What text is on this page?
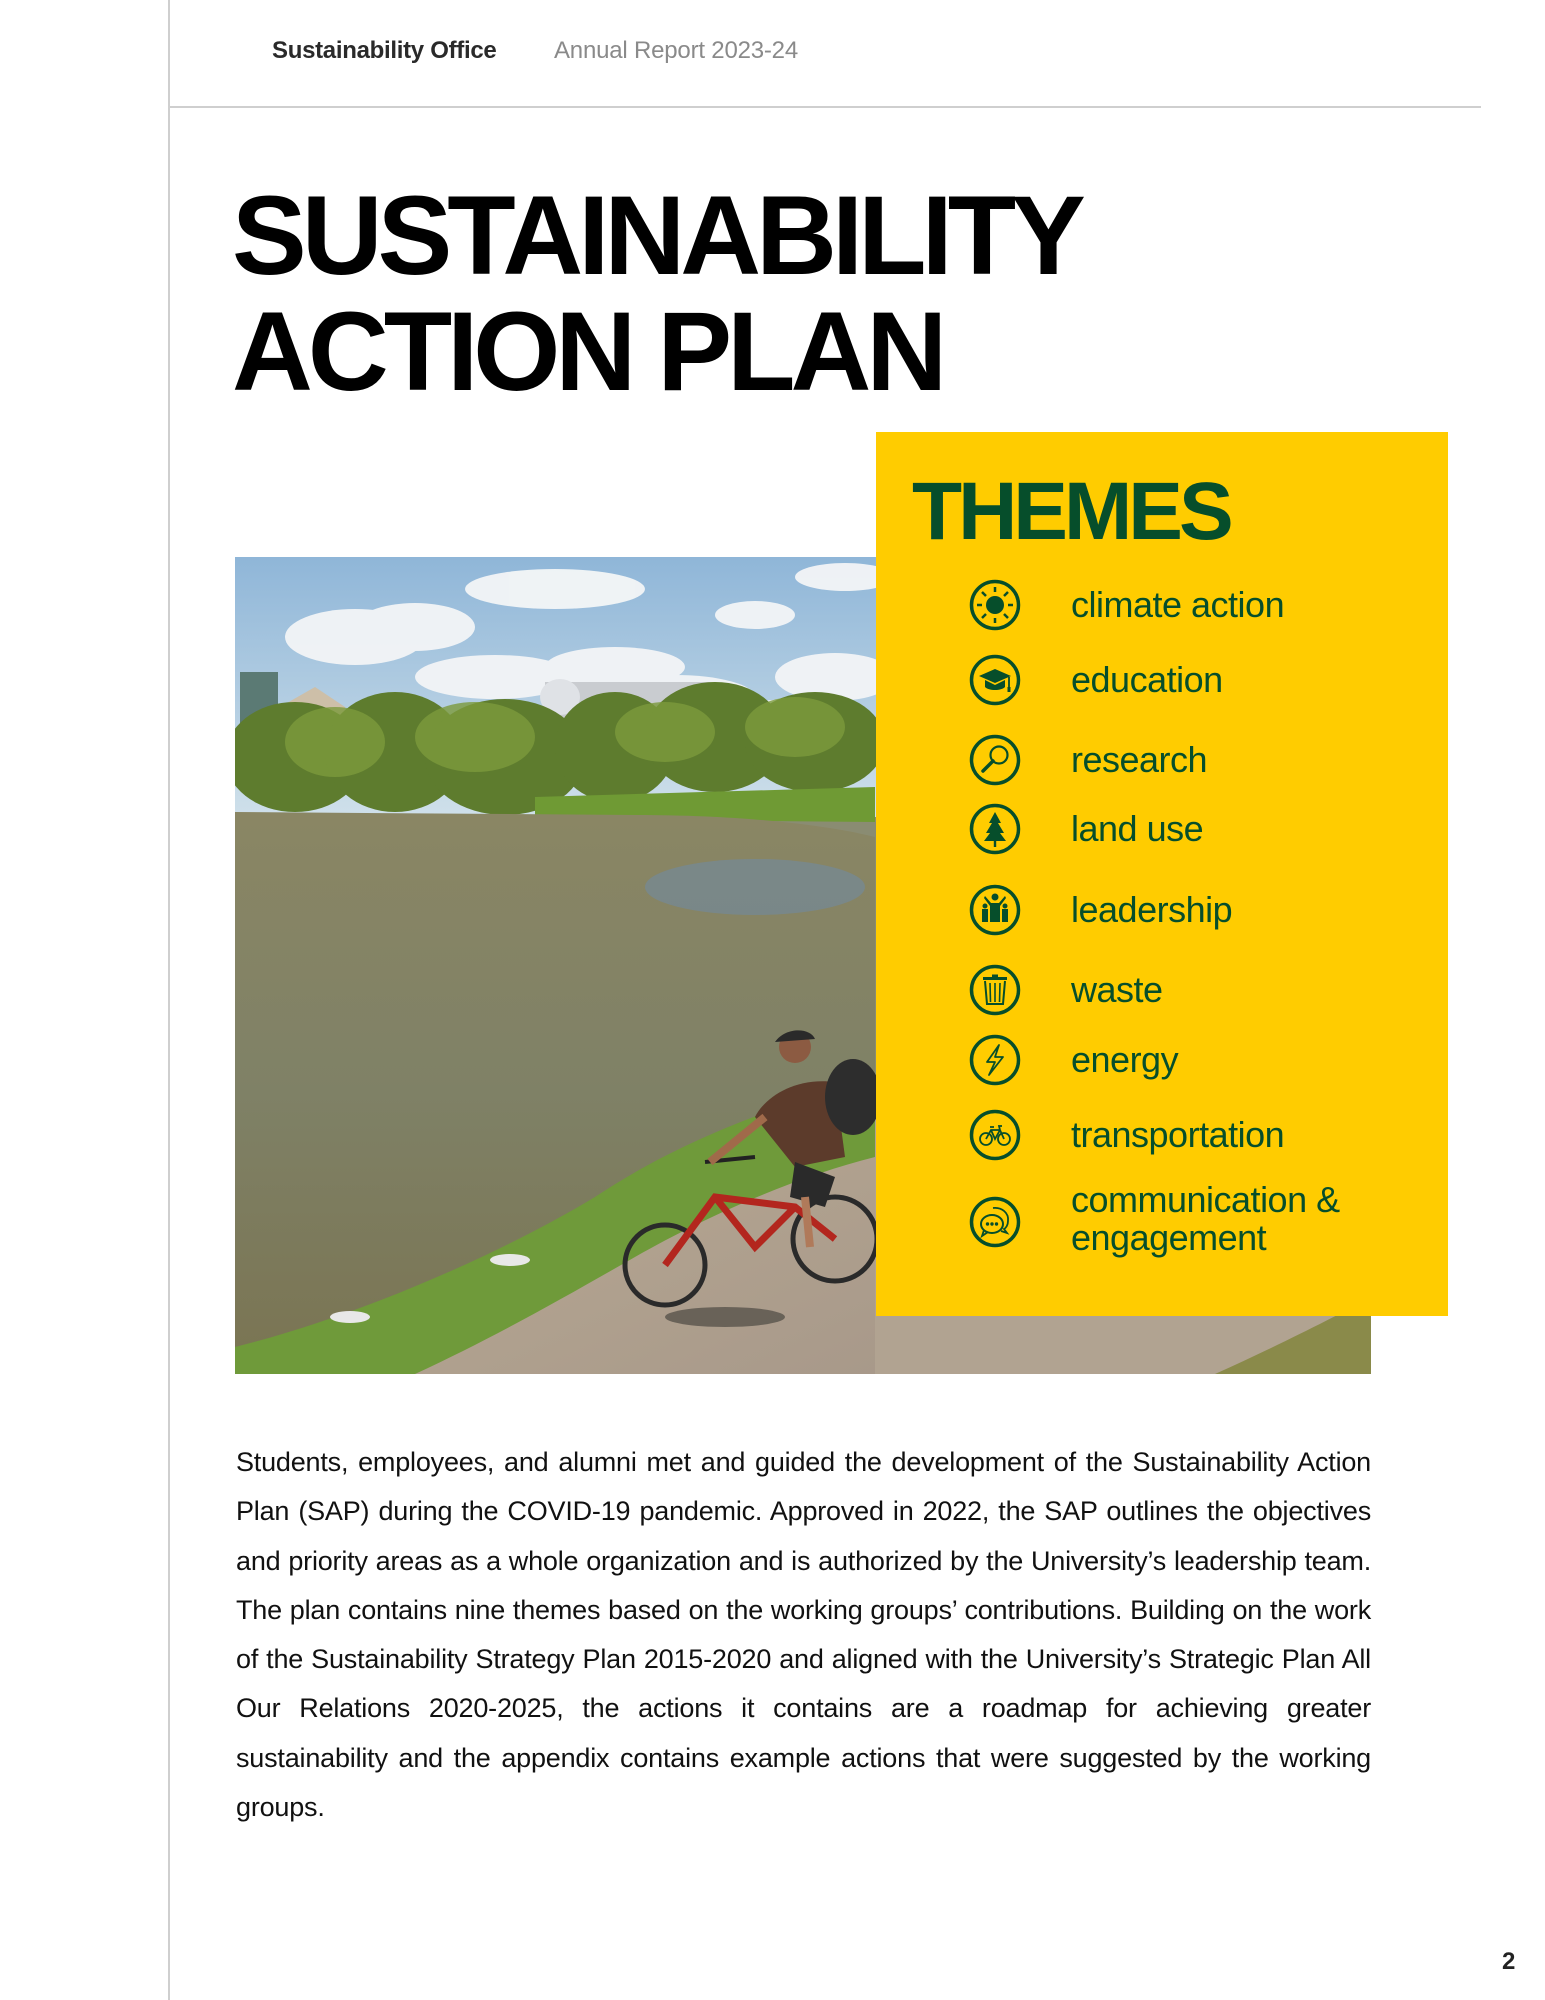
Sustainability Office Annual Report 2023-24
SUSTAINABILITY
ACTION PLAN
THEMES
climate action
education
research
land use
leadership
waste
energy
transportation
communication &
engagement

Students, employees, and alumni met and guided the development of the Sustainability Action Plan (SAP) during the COVID-19 pandemic. Approved in 2022, the SAP outlines the objectives and priority areas as a whole organization and is authorized by the University’s leadership team. The plan contains nine themes based on the working groups’ contributions. Building on the work of the Sustainability Strategy Plan 2015-2020 and aligned with the University’s Strategic Plan All Our Relations 2020-2025, the actions it contains are a roadmap for achieving greater sustainability and the appendix contains example actions that were suggested by the working groups.

2
